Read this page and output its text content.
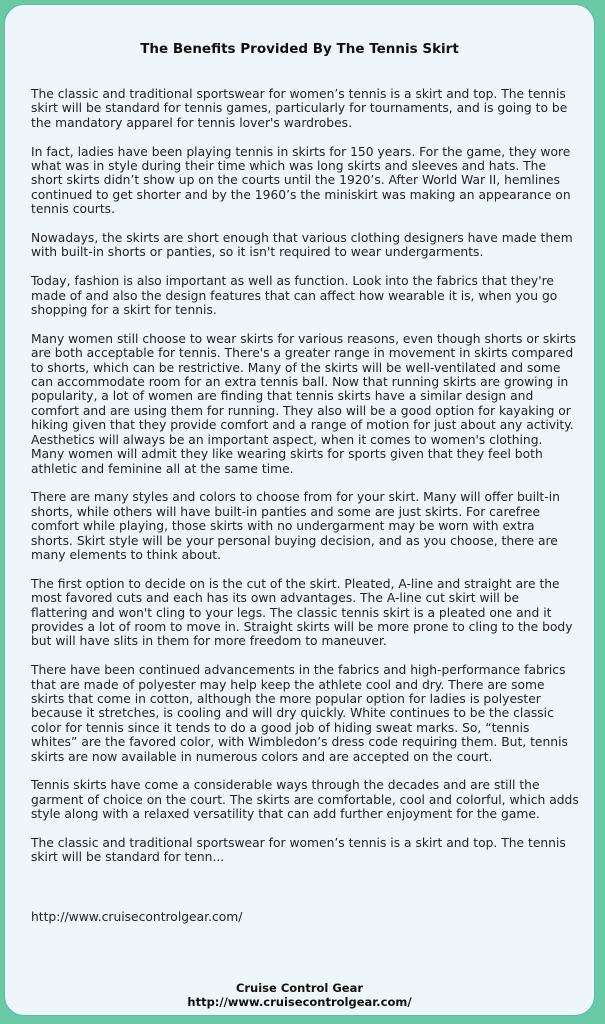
The Benefits Provided By The Tennis Skirt

The classic and traditional sportswear for women’s tennis is a skirt and top. The tennis skirt will be standard for tennis games, particularly for tournaments, and is going to be the mandatory apparel for tennis lover's wardrobes.

In fact, ladies have been playing tennis in skirts for 150 years. For the game, they wore what was in style during their time which was long skirts and sleeves and hats. The short skirts didn’t show up on the courts until the 1920’s. After World War II, hemlines continued to get shorter and by the 1960’s the miniskirt was making an appearance on tennis courts.

Nowadays, the skirts are short enough that various clothing designers have made them with built-in shorts or panties, so it isn't required to wear undergarments.

Today, fashion is also important as well as function. Look into the fabrics that they're made of and also the design features that can affect how wearable it is, when you go shopping for a skirt for tennis.

Many women still choose to wear skirts for various reasons, even though shorts or skirts are both acceptable for tennis. There's a greater range in movement in skirts compared to shorts, which can be restrictive. Many of the skirts will be well-ventilated and some can accommodate room for an extra tennis ball. Now that running skirts are growing in popularity, a lot of women are finding that tennis skirts have a similar design and comfort and are using them for running. They also will be a good option for kayaking or hiking given that they provide comfort and a range of motion for just about any activity. Aesthetics will always be an important aspect, when it comes to women's clothing. Many women will admit they like wearing skirts for sports given that they feel both athletic and feminine all at the same time.

There are many styles and colors to choose from for your skirt. Many will offer built-in shorts, while others will have built-in panties and some are just skirts. For carefree comfort while playing, those skirts with no undergarment may be worn with extra shorts. Skirt style will be your personal buying decision, and as you choose, there are many elements to think about.

The first option to decide on is the cut of the skirt. Pleated, A-line and straight are the most favored cuts and each has its own advantages. The A-line cut skirt will be flattering and won't cling to your legs. The classic tennis skirt is a pleated one and it provides a lot of room to move in. Straight skirts will be more prone to cling to the body but will have slits in them for more freedom to maneuver.

There have been continued advancements in the fabrics and high-performance fabrics that are made of polyester may help keep the athlete cool and dry. There are some skirts that come in cotton, although the more popular option for ladies is polyester because it stretches, is cooling and will dry quickly. White continues to be the classic color for tennis since it tends to do a good job of hiding sweat marks. So, “tennis whites” are the favored color, with Wimbledon’s dress code requiring them. But, tennis skirts are now available in numerous colors and are accepted on the court.

Tennis skirts have come a considerable ways through the decades and are still the garment of choice on the court. The skirts are comfortable, cool and colorful, which adds style along with a relaxed versatility that can add further enjoyment for the game.

The classic and traditional sportswear for women’s tennis is a skirt and top. The tennis skirt will be standard for tenn...

http://www.cruisecontrolgear.com/

Cruise Control Gear
http://www.cruisecontrolgear.com/
